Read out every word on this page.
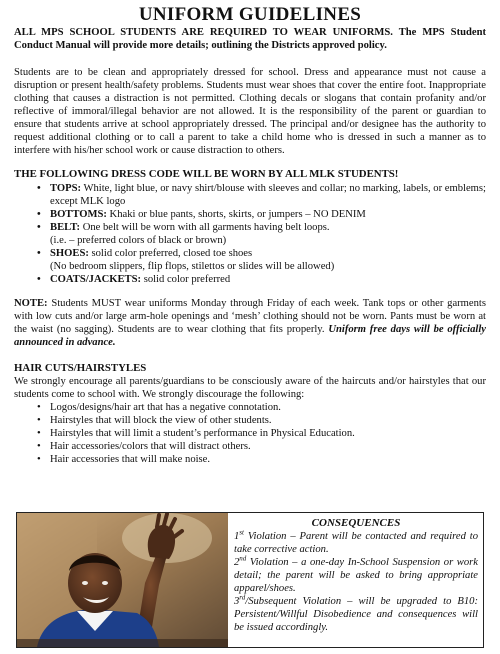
UNIFORM GUIDELINES

ALL MPS SCHOOL STUDENTS ARE REQUIRED TO WEAR UNIFORMS. The MPS Student Conduct Manual will provide more details; outlining the Districts approved policy.

Students are to be clean and appropriately dressed for school. Dress and appearance must not cause a disruption or present health/safety problems. Students must wear shoes that cover the entire foot. Inappropriate clothing that causes a distraction is not permitted. Clothing decals or slogans that contain profanity and/or reflective of immoral/illegal behavior are not allowed. It is the responsibility of the parent or guardian to ensure that students arrive at school appropriately dressed. The principal and/or designee has the authority to request additional clothing or to call a parent to take a child home who is dressed in such a manner as to interfere with his/her school work or cause distraction to others.

THE FOLLOWING DRESS CODE WILL BE WORN BY ALL MLK STUDENTS!
• TOPS: White, light blue, or navy shirt/blouse with sleeves and collar; no marking, labels, or emblems; except MLK logo
• BOTTOMS: Khaki or blue pants, shorts, skirts, or jumpers – NO DENIM
• BELT: One belt will be worn with all garments having belt loops.
(i.e. – preferred colors of black or brown)
• SHOES: solid color preferred, closed toe shoes
(No bedroom slippers, flip flops, stilettos or slides will be allowed)
• COATS/JACKETS: solid color preferred

NOTE: Students MUST wear uniforms Monday through Friday of each week. Tank tops or other garments with low cuts and/or large arm-hole openings and ‘mesh’ clothing should not be worn. Pants must be worn at the waist (no sagging). Students are to wear clothing that fits properly. Uniform free days will be officially announced in advance.

HAIR CUTS/HAIRSTYLES

We strongly encourage all parents/guardians to be consciously aware of the haircuts and/or hairstyles that our students come to school with. We strongly discourage the following:

• Logos/designs/hair art that has a negative connotation.
• Hairstyles that will block the view of other students.
• Hairstyles that will limit a student’s performance in Physical Education.
• Hair accessories/colors that will distract others.
• Hair accessories that will make noise.
CONSEQUENCES
1st Violation – Parent will be contacted and required to take corrective action.
2nd Violation – a one-day In-School Suspension or work detail; the parent will be asked to bring appropriate apparel/shoes.
3rd/Subsequent Violation – will be upgraded to B10: Persistent/Willful Disobedience and consequences will be issued accordingly.
